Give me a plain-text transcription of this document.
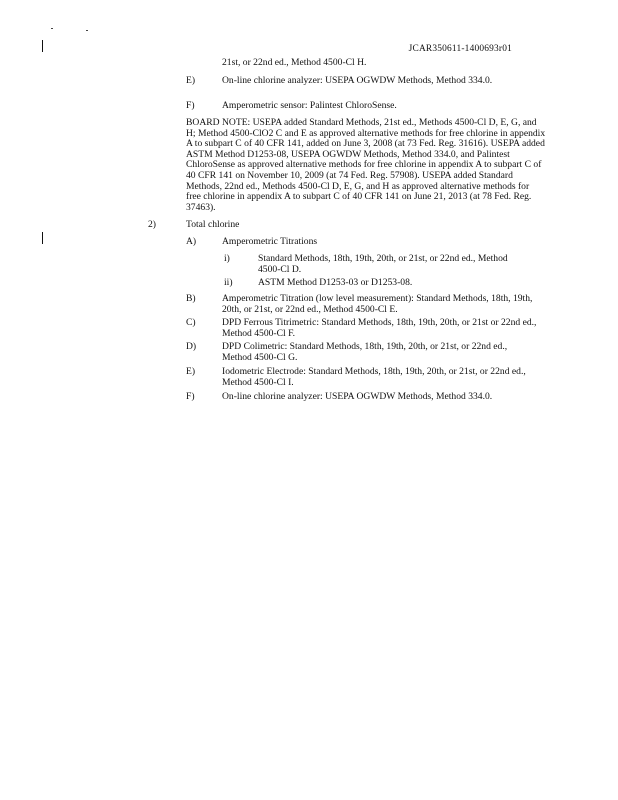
JCAR350611-1400693r01
21st, or 22nd ed., Method 4500-Cl H.
E)	On-line chlorine analyzer: USEPA OGWDW Methods, Method 334.0.
F)	Amperometric sensor: Palintest ChloroSense.

BOARD NOTE: USEPA added Standard Methods, 21st ed., Methods 4500-Cl D, E, G, and H; Method 4500-ClO2 C and E as approved alternative methods for free chlorine in appendix A to subpart C of 40 CFR 141, added on June 3, 2008 (at 73 Fed. Reg. 31616). USEPA added ASTM Method D1253-08, USEPA OGWDW Methods, Method 334.0, and Palintest ChloroSense as approved alternative methods for free chlorine in appendix A to subpart C of 40 CFR 141 on November 10, 2009 (at 74 Fed. Reg. 57908). USEPA added Standard Methods, 22nd ed., Methods 4500-Cl D, E, G, and H as approved alternative methods for free chlorine in appendix A to subpart C of 40 CFR 141 on June 21, 2013 (at 78 Fed. Reg. 37463).

2)	Total chlorine
A)	Amperometric Titrations
i)	Standard Methods, 18th, 19th, 20th, or 21st, or 22nd ed., Method 4500-Cl D.
ii)	ASTM Method D1253-03 or D1253-08.
B)	Amperometric Titration (low level measurement): Standard Methods, 18th, 19th, 20th, or 21st, or 22nd ed., Method 4500-Cl E.
C)	DPD Ferrous Titrimetric: Standard Methods, 18th, 19th, 20th, or 21st or 22nd ed., Method 4500-Cl F.
D)	DPD Colimetric: Standard Methods, 18th, 19th, 20th, or 21st, or 22nd ed., Method 4500-Cl G.
E)	Iodometric Electrode: Standard Methods, 18th, 19th, 20th, or 21st, or 22nd ed., Method 4500-Cl I.
F)	On-line chlorine analyzer: USEPA OGWDW Methods, Method 334.0.
